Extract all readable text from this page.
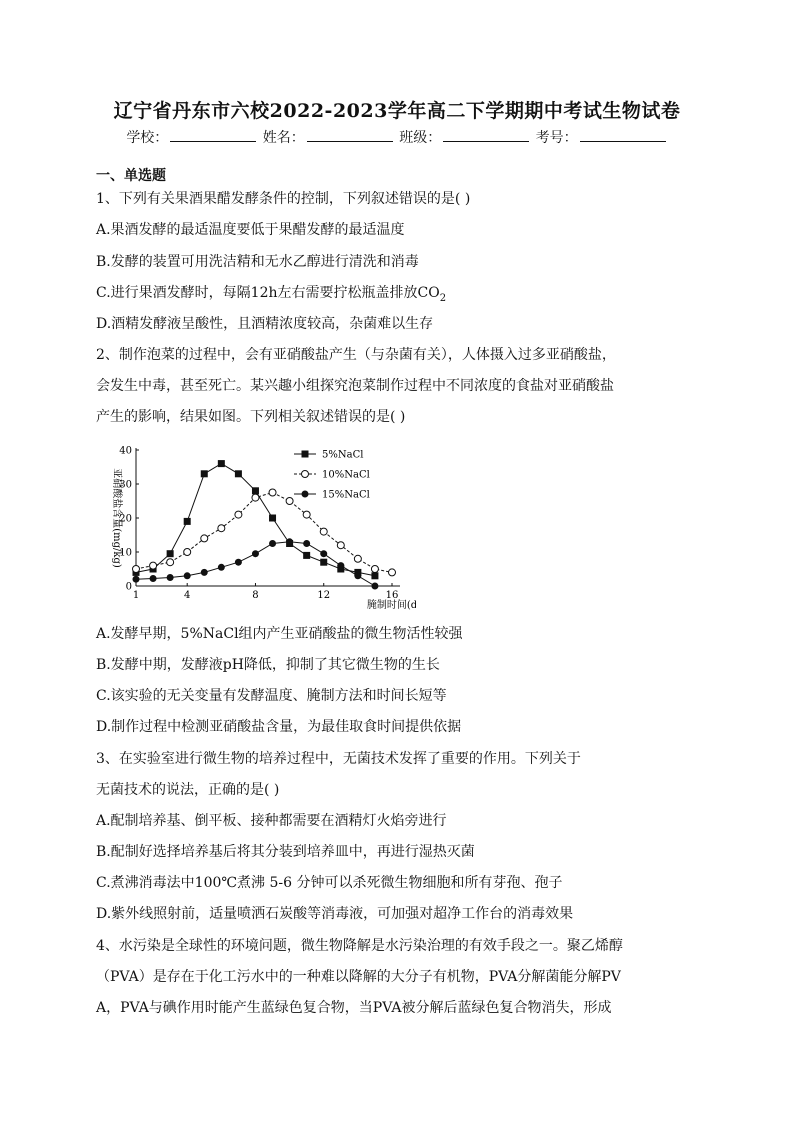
辽宁省丹东市六校2022-2023学年高二下学期期中考试生物试卷
学校：	姓名：	班级：	考号：
一、单选题
1、下列有关果酒果醋发酵条件的控制，下列叙述错误的是( )
A.果酒发酵的最适温度要低于果醋发酵的最适温度
B.发酵的装置可用洗洁精和无水乙醇进行清洗和消毒
C.进行果酒发酵时，每隔12h左右需要拧松瓶盖排放$CO_2$
D.酒精发酵液呈酸性，且酒精浓度较高，杂菌难以生存
2、制作泡菜的过程中，会有亚硝酸盐产生（与杂菌有关），人体摄入过多亚硝酸盐，
会发生中毒，甚至死亡。某兴趣小组探究泡菜制作过程中不同浓度的食盐对亚硝酸盐
产生的影响，结果如图。下列相关叙述错误的是( )
1	4	8	12	16
0
10
20
30
40
腌制时间(d)
亚硝酸盐含量(mg/kg)
5%NaCl
10%NaCl
15%NaCl
A.发酵早期，5%NaCl组内产生亚硝酸盐的微生物活性较强
B.发酵中期，发酵液pH降低，抑制了其它微生物的生长
C.该实验的无关变量有发酵温度、腌制方法和时间长短等
D.制作过程中检测亚硝酸盐含量，为最佳取食时间提供依据
3、在实验室进行微生物的培养过程中，无菌技术发挥了重要的作用。下列关于
无菌技术的说法，正确的是( )
A.配制培养基、倒平板、接种都需要在酒精灯火焰旁进行
B.配制好选择培养基后将其分装到培养皿中，再进行湿热灭菌
C.煮沸消毒法中100℃煮沸 5-6 分钟可以杀死微生物细胞和所有芽孢、孢子
D.紫外线照射前，适量喷洒石炭酸等消毒液，可加强对超净工作台的消毒效果
4、水污染是全球性的环境问题，微生物降解是水污染治理的有效手段之一。聚乙烯醇
（PVA）是存在于化工污水中的一种难以降解的大分子有机物，PVA分解菌能分解PV
A，PVA与碘作用时能产生蓝绿色复合物，当PVA被分解后蓝绿色复合物消失，形成
